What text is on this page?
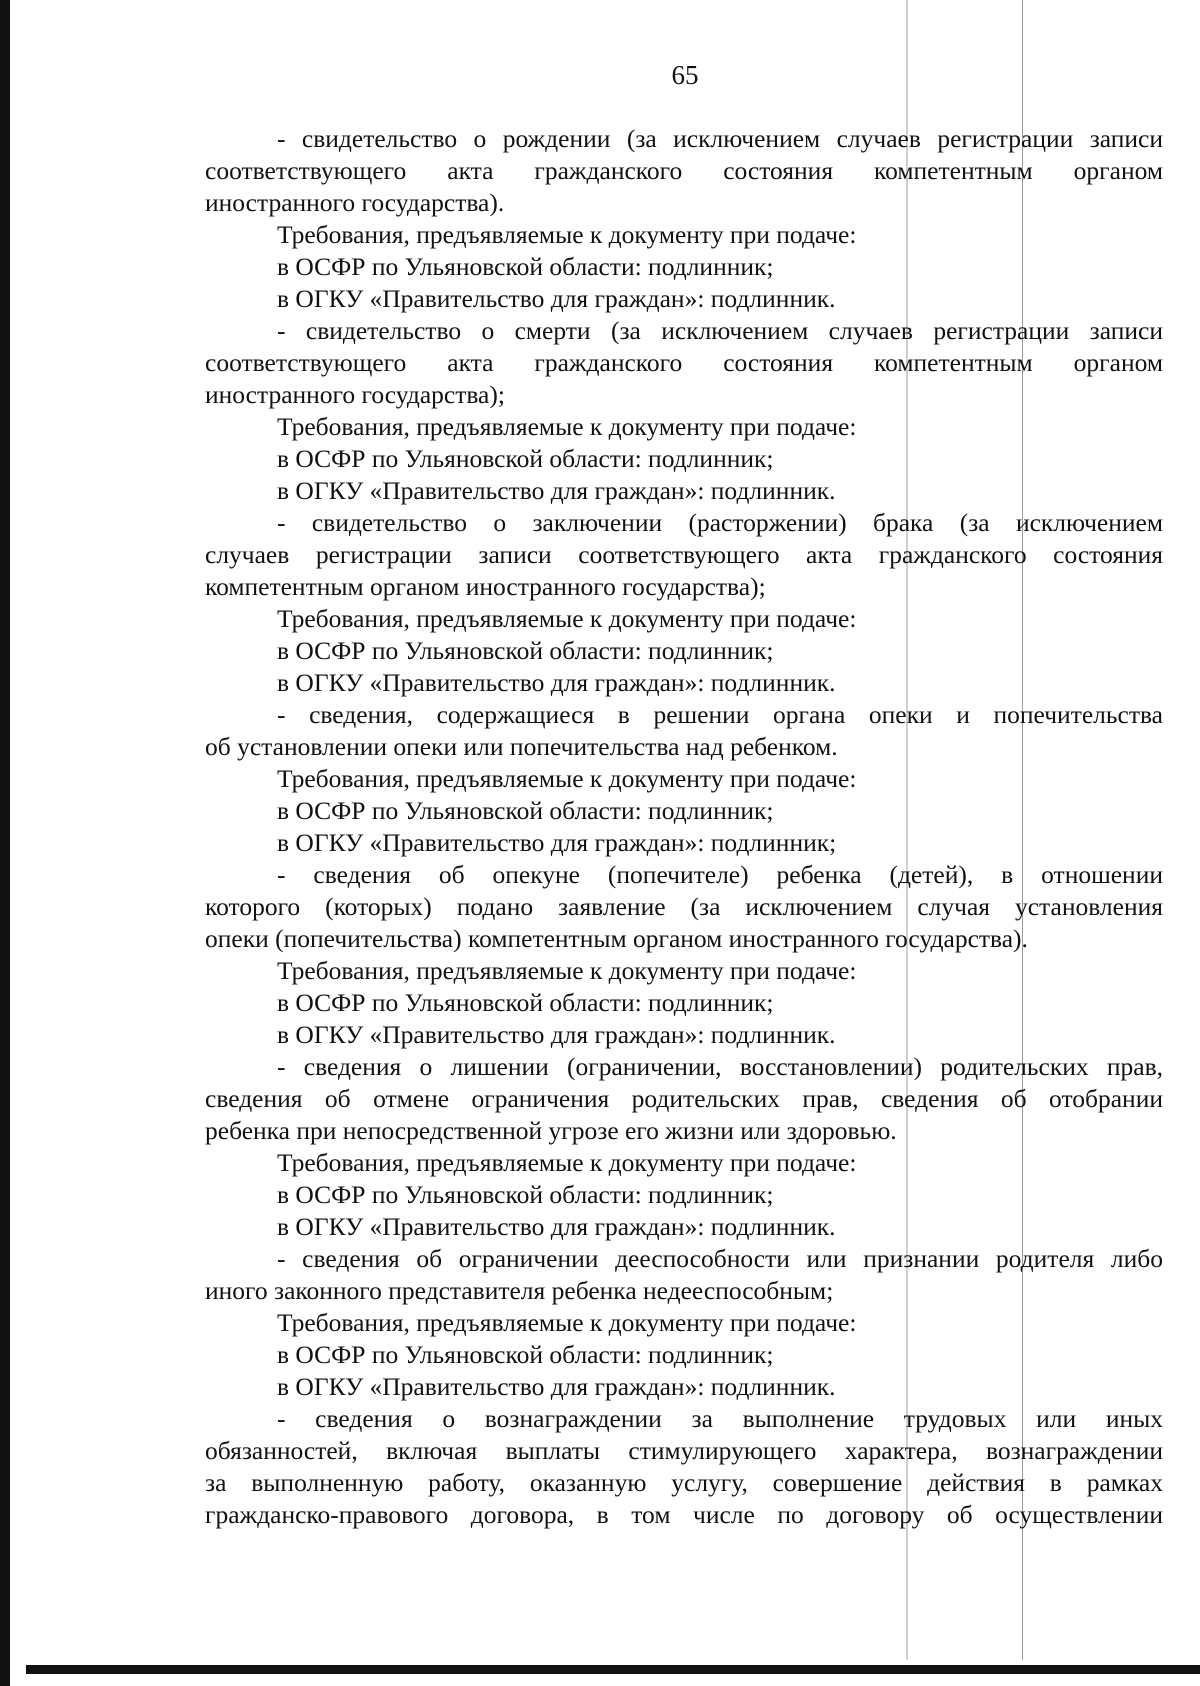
65
- свидетельство о рождении (за исключением случаев регистрации записи
соответствующего акта гражданского состояния компетентным органом
иностранного государства).
Требования, предъявляемые к документу при подаче:
в ОСФР по Ульяновской области: подлинник;
в ОГКУ «Правительство для граждан»: подлинник.
- свидетельство о смерти (за исключением случаев регистрации записи
соответствующего акта гражданского состояния компетентным органом
иностранного государства);
Требования, предъявляемые к документу при подаче:
в ОСФР по Ульяновской области: подлинник;
в ОГКУ «Правительство для граждан»: подлинник.
- свидетельство о заключении (расторжении) брака (за исключением
случаев регистрации записи соответствующего акта гражданского состояния
компетентным органом иностранного государства);
Требования, предъявляемые к документу при подаче:
в ОСФР по Ульяновской области: подлинник;
в ОГКУ «Правительство для граждан»: подлинник.
- сведения, содержащиеся в решении органа опеки и попечительства
об установлении опеки или попечительства над ребенком.
Требования, предъявляемые к документу при подаче:
в ОСФР по Ульяновской области: подлинник;
в ОГКУ «Правительство для граждан»: подлинник;
- сведения об опекуне (попечителе) ребенка (детей), в отношении
которого (которых) подано заявление (за исключением случая установления
опеки (попечительства) компетентным органом иностранного государства).
Требования, предъявляемые к документу при подаче:
в ОСФР по Ульяновской области: подлинник;
в ОГКУ «Правительство для граждан»: подлинник.
- сведения о лишении (ограничении, восстановлении) родительских прав,
сведения об отмене ограничения родительских прав, сведения об отобрании
ребенка при непосредственной угрозе его жизни или здоровью.
Требования, предъявляемые к документу при подаче:
в ОСФР по Ульяновской области: подлинник;
в ОГКУ «Правительство для граждан»: подлинник.
- сведения об ограничении дееспособности или признании родителя либо
иного законного представителя ребенка недееспособным;
Требования, предъявляемые к документу при подаче:
в ОСФР по Ульяновской области: подлинник;
в ОГКУ «Правительство для граждан»: подлинник.
- сведения о вознаграждении за выполнение трудовых или иных
обязанностей, включая выплаты стимулирующего характера, вознаграждении
за выполненную работу, оказанную услугу, совершение действия в рамках
гражданско-правового договора, в том числе по договору об осуществлении
